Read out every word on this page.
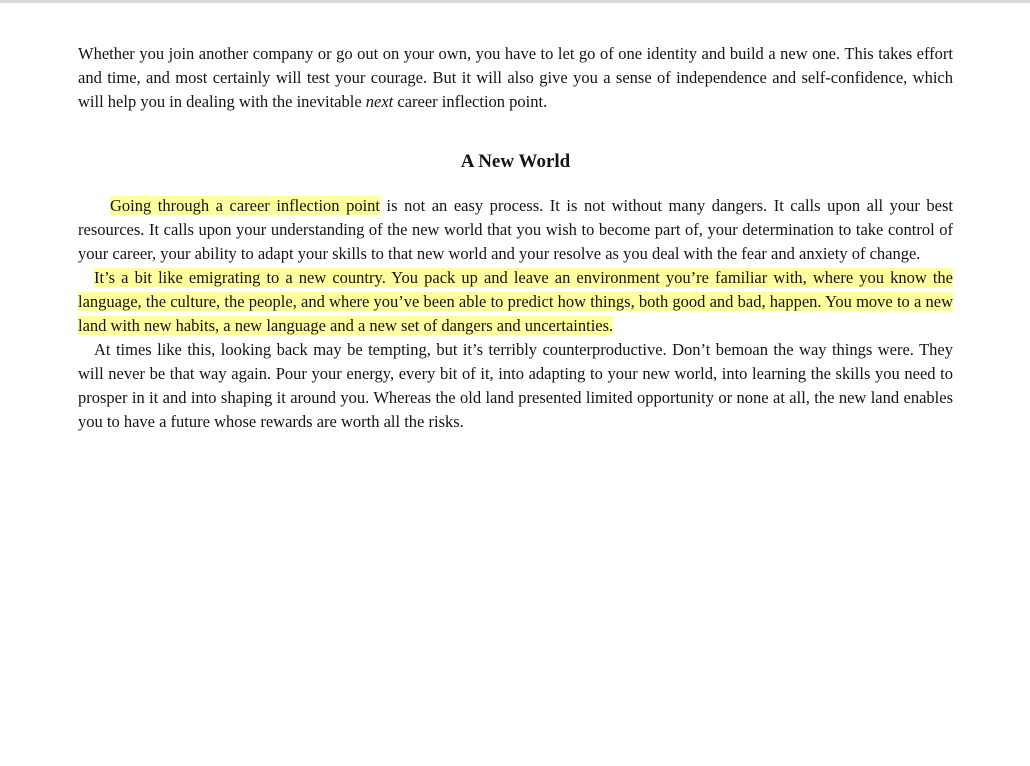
Whether you join another company or go out on your own, you have to let go of one identity and build a new one. This takes effort and time, and most certainly will test your courage. But it will also give you a sense of independence and self-confidence, which will help you in dealing with the inevitable next career inflection point.

A New World

Going through a career inflection point is not an easy process. It is not without many dangers. It calls upon all your best resources. It calls upon your understanding of the new world that you wish to become part of, your determination to take control of your career, your ability to adapt your skills to that new world and your resolve as you deal with the fear and anxiety of change.

It’s a bit like emigrating to a new country. You pack up and leave an environment you’re familiar with, where you know the language, the culture, the people, and where you’ve been able to predict how things, both good and bad, happen. You move to a new land with new habits, a new language and a new set of dangers and uncertainties.

At times like this, looking back may be tempting, but it’s terribly counterproductive. Don’t bemoan the way things were. They will never be that way again. Pour your energy, every bit of it, into adapting to your new world, into learning the skills you need to prosper in it and into shaping it around you. Whereas the old land presented limited opportunity or none at all, the new land enables you to have a future whose rewards are worth all the risks.
